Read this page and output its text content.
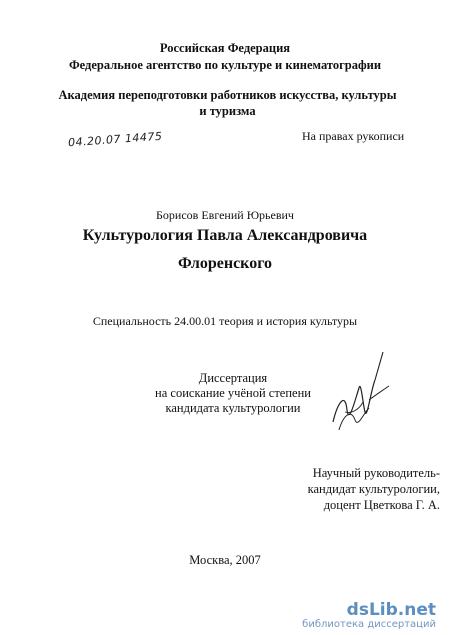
Российская Федерация
Федеральное агентство по культуре и кинематографии
Академия переподготовки работников искусства, культуры и туризма
04.20.07 14475	На правах рукописи
Борисов Евгений Юрьевич
Культурология Павла Александровича
Флоренского
Специальность 24.00.01 теория и история культуры
Диссертация
на соискание учёной степени
кандидата культурологии
Научный руководитель-
кандидат культурологии,
доцент Цветкова Г. А.
Москва, 2007
dsLib.net
библиотека диссертаций
